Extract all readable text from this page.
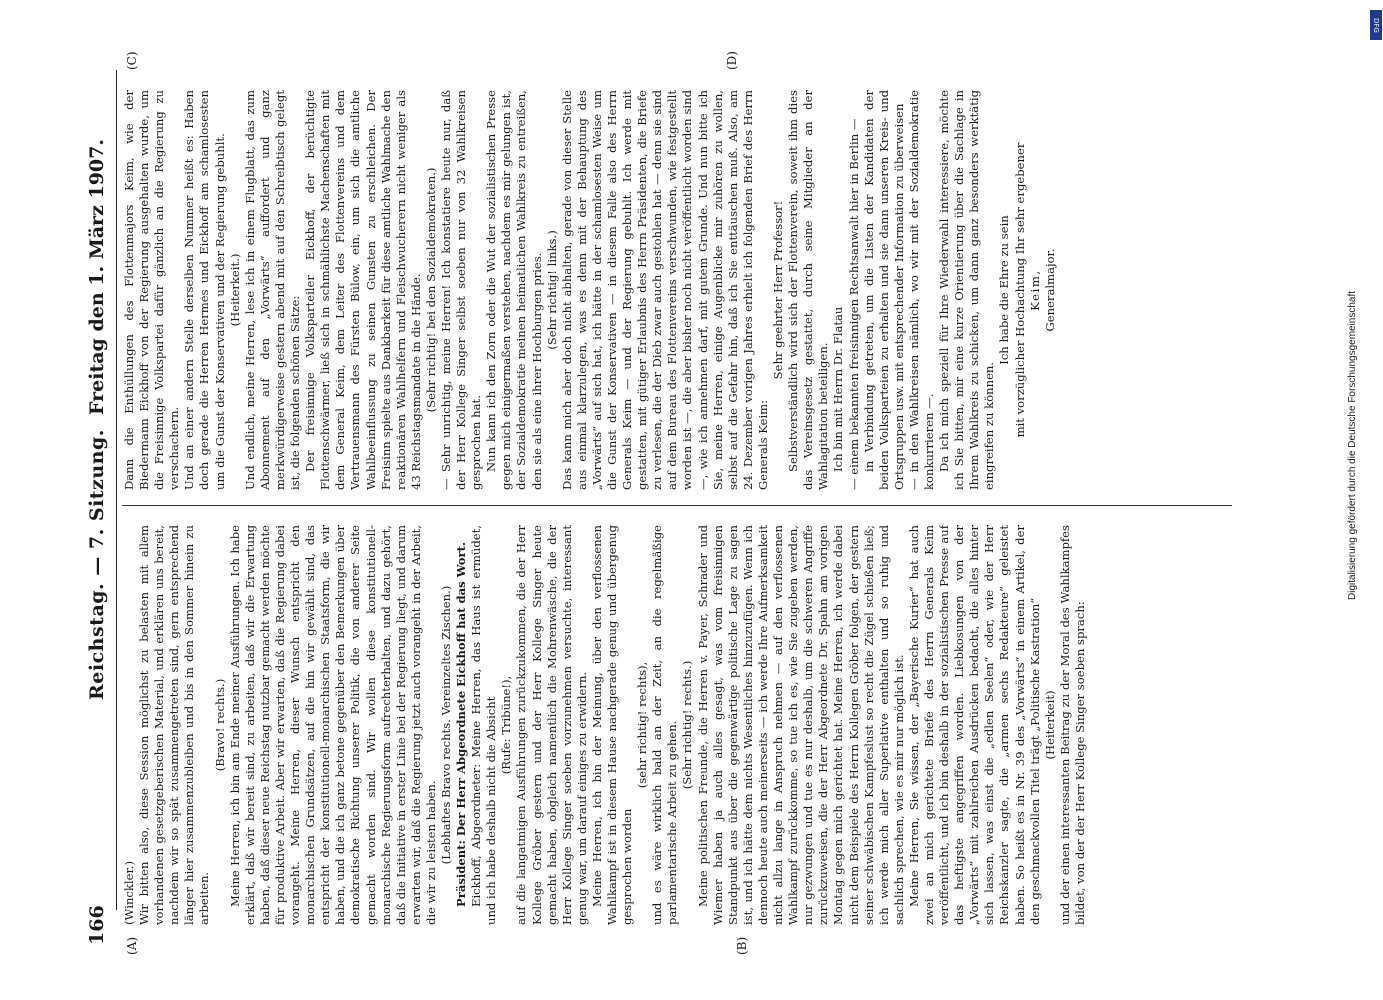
166
Reichstag. — 7. Sitzung.
Freitag den 1. März 1907.
(A)	(B)
(C)	(D)

(Winckler.) Wir bitten also, diese Session möglichst zu belasten mit allem vorhandenen gesetzgeberischen Material, und erklären uns bereit, nachdem wir so spät zusammengetreten sind, gern entsprechend länger hier zusammenzubleiben und bis in den Sommer hinein zu arbeiten.

(Bravo! rechts.) Meine Herren, ich bin am Ende meiner Ausführungen. Ich habe erklärt, daß wir bereit sind, zu arbeiten, daß wir die Erwartung haben, daß dieser neue Reichstag nutzbar gemacht werden möchte für produktive Arbeit. Aber wir erwarten, daß die Regierung dabei vorangeht. Meine Herren, dieser Wunsch entspricht den monarchischen Grundsätzen, auf die hin wir gewählt sind, das entspricht der konstitutionell-monarchischen Staatsform, die wir haben, und die ich ganz betone gegenüber den Bemerkungen über demokratische Richtung unserer Politik, die von anderer Seite gemacht worden sind. Wir wollen diese konstitutionell-monarchische Regierungsform aufrechterhalten, und dazu gehört, daß die Initiative in erster Linie bei der Regierung liegt, und darum erwarten wir, daß die Regierung jetzt auch vorangeht in der Arbeit, die wir zu leisten haben. (Lebhaftes Bravo rechts. Vereinzeltes Zischen.) Präsident: Der Herr Abgeordnete Eickhoff hat das Wort. Eickhoff, Abgeordneter: Meine Herren, das Haus ist ermüdet, und ich habe deshalb nicht die Absicht (Rufe: Tribüne!), auf die langatmigen Ausführungen zurückzukommen, die der Herr Kollege Gröber gestern und der Herr Kollege Singer heute gemacht haben, obgleich namentlich die Mohrenwäsche, die der Herr Kollege Singer soeben vorzunehmen versuchte, interessant genug war, um darauf einiges zu erwidern. Meine Herren, ich bin der Meinung, über den verflossenen Wahlkampf ist in diesem Hause nachgerade genug und übergenug gesprochen worden

(sehr richtig! rechts), und es wäre wirklich bald an der Zeit, an die regelmäßige parlamentarische Arbeit zu gehen. (Sehr richtig! rechts.) Meine politischen Freunde, die Herren v. Payer, Schrader und Wiemer haben ja auch alles gesagt, was vom freisinnigen Standpunkt aus über die gegenwärtige politische Lage zu sagen ist, und ich hätte dem nichts Wesentliches hinzuzufügen. Wenn ich dennoch heute auch meinerseits — ich werde Ihre Aufmerksamkeit nicht allzu lange in Anspruch nehmen — auf den verflossenen Wahlkampf zurückkomme, so tue ich es, wie Sie zugeben werden, nur gezwungen und tue es nur deshalb, um die schweren Angriffe zurückzuweisen, die der Herr Abgeordnete Dr. Spahn am vorigen Montag gegen mich gerichtet hat. Meine Herren, ich werde dabei nicht dem Beispiele des Herrn Kollegen Gröber folgen, der gestern seiner schwäbischen Kampfeslust so recht die Zügel schießen ließ; ich werde mich aller Superlative enthalten und so ruhig und sachlich sprechen, wie es mir nur möglich ist. Meine Herren, Sie wissen, der „Bayerische Kurier“ hat auch zwei an mich gerichtete Briefe des Herrn Generals Keim veröffentlicht, und ich bin deshalb in der sozialistischen Presse auf das heftigste angegriffen worden. Liebkosungen von der „Vorwärts“ mit zahlreichen Ausdrücken bedacht, die alles hinter sich lassen, was einst die „edlen Seelen“ oder, wie der Herr Reichskanzler sagte, die „armen sechs Redakteure“ geleistet haben. So heißt es in Nr. 39 des „Vorwärts“ in einem Artikel, der den geschmackvollen Titel trägt „Politische Kastration“ (Heiterkeit) und der einen interessanten Beitrag zu der Moral des Wahlkampfes bildet, von der der Herr Kollege Singer soeben sprach:

Dann die Enthüllungen des Flottenmajors Keim, wie der Biedermann Eickhoff von der Regierung ausgehalten wurde, um die Freisinnige Volkspartei dafür gänzlich an die Regierung zu verschachern. Und an einer andern Stelle derselben Nummer heißt es: Haben doch gerade die Herren Hermes und Eickhoff am schamlosesten um die Gunst der Konservativen und der Regierung gebuhlt. (Heiterkeit.) Und endlich, meine Herren, lese ich in einem Flugblatt, das zum Abonnement auf den „Vorwärts“ auffordert und ganz merkwürdigerweise gestern abend mit auf den Schreibtisch gelegt ist, die folgenden schönen Sätze: Der freisinnige Volksparteiler Eickhoff, der berüchtigte Flottenschwärmer, ließ sich in schmählichste Machenschaften mit dem General Keim, dem Leiter des Flottenvereins und dem Vertrauensmann des Fürsten Bülow, ein, um sich die amtliche Wahlbeeinflussung zu seinen Gunsten zu erschleichen. Der Freisinn spielte aus Dankbarkeit für diese amtliche Wahlmache den reaktionären Wahlhelfern und Fleischwucherern nicht weniger als 43 Reichstagsmandate in die Hände. (Sehr richtig! bei den Sozialdemokraten.) — Sehr unrichtig, meine Herren! Ich konstatiere heute nur, daß der Herr Kollege Singer selbst soeben nur von 32 Wahlkreisen gesprochen hat. Nun kann ich den Zorn oder die Wut der sozialistischen Presse gegen mich einigermaßen verstehen, nachdem es mir gelungen ist, der Sozialdemokratie meinen heimatlichen Wahlkreis zu entreißen, den sie als eine ihrer Hochburgen pries. (Sehr richtig! links.) Das kann mich aber doch nicht abhalten, gerade von dieser Stelle aus einmal klarzulegen, was es denn mit der Behauptung des „Vorwärts“ auf sich hat, ich hätte in der schamlosesten Weise um die Gunst der Konservativen — in diesem Falle also des Herrn Generals Keim — und der Regierung gebuhlt. Ich werde mit gestatten, mit gütiger Erlaubnis des Herrn Präsidenten, die Briefe zu verlesen, die der Dieb zwar auch gestohlen hat — denn sie sind auf dem Bureau des Flottenvereins verschwunden, wie festgestellt worden ist —, die aber bisher noch nicht veröffentlicht worden sind —, wie ich annehmen darf, mit gutem Grunde. Und nun bitte ich Sie, meine Herren, einige Augenblicke mir zuhören zu wollen, selbst auf die Gefahr hin, daß ich Sie enttäuschen muß. Also, am 24. Dezember vorigen Jahres erhielt ich folgenden Brief des Herrn Generals Keim:

Sehr geehrter Herr Professor! Selbstverständlich wird sich der Flottenverein, soweit ihm dies das Vereinsgesetz gestattet, durch seine Mitglieder an der Wahlagitation beteiligen. Ich bin mit Herrn Dr. Flatau — einem bekannten freisinnigen Rechtsanwalt hier in Berlin — in Verbindung getreten, um die Listen der Kandidaten der beiden Volksparteien zu erhalten und sie dann unseren Kreis- und Ortsgruppen usw. mit entsprechender Information zu überweisen — in den Wahlkreisen nämlich, wo wir mit der Sozialdemokratie konkurrieren —. Da ich mich speziell für Ihre Wiederwahl interessiere, möchte ich Sie bitten, mir eine kurze Orientierung über die Sachlage in Ihrem Wahlkreis zu schicken, um dann ganz besonders werktätig eingreifen zu können.

Ich habe die Ehre zu sein mit vorzüglicher Hochachtung Ihr sehr ergebener Keim, Generalmajor.

DFG
Digitalisierung gefördert durch die Deutsche Forschungsgemeinschaft
